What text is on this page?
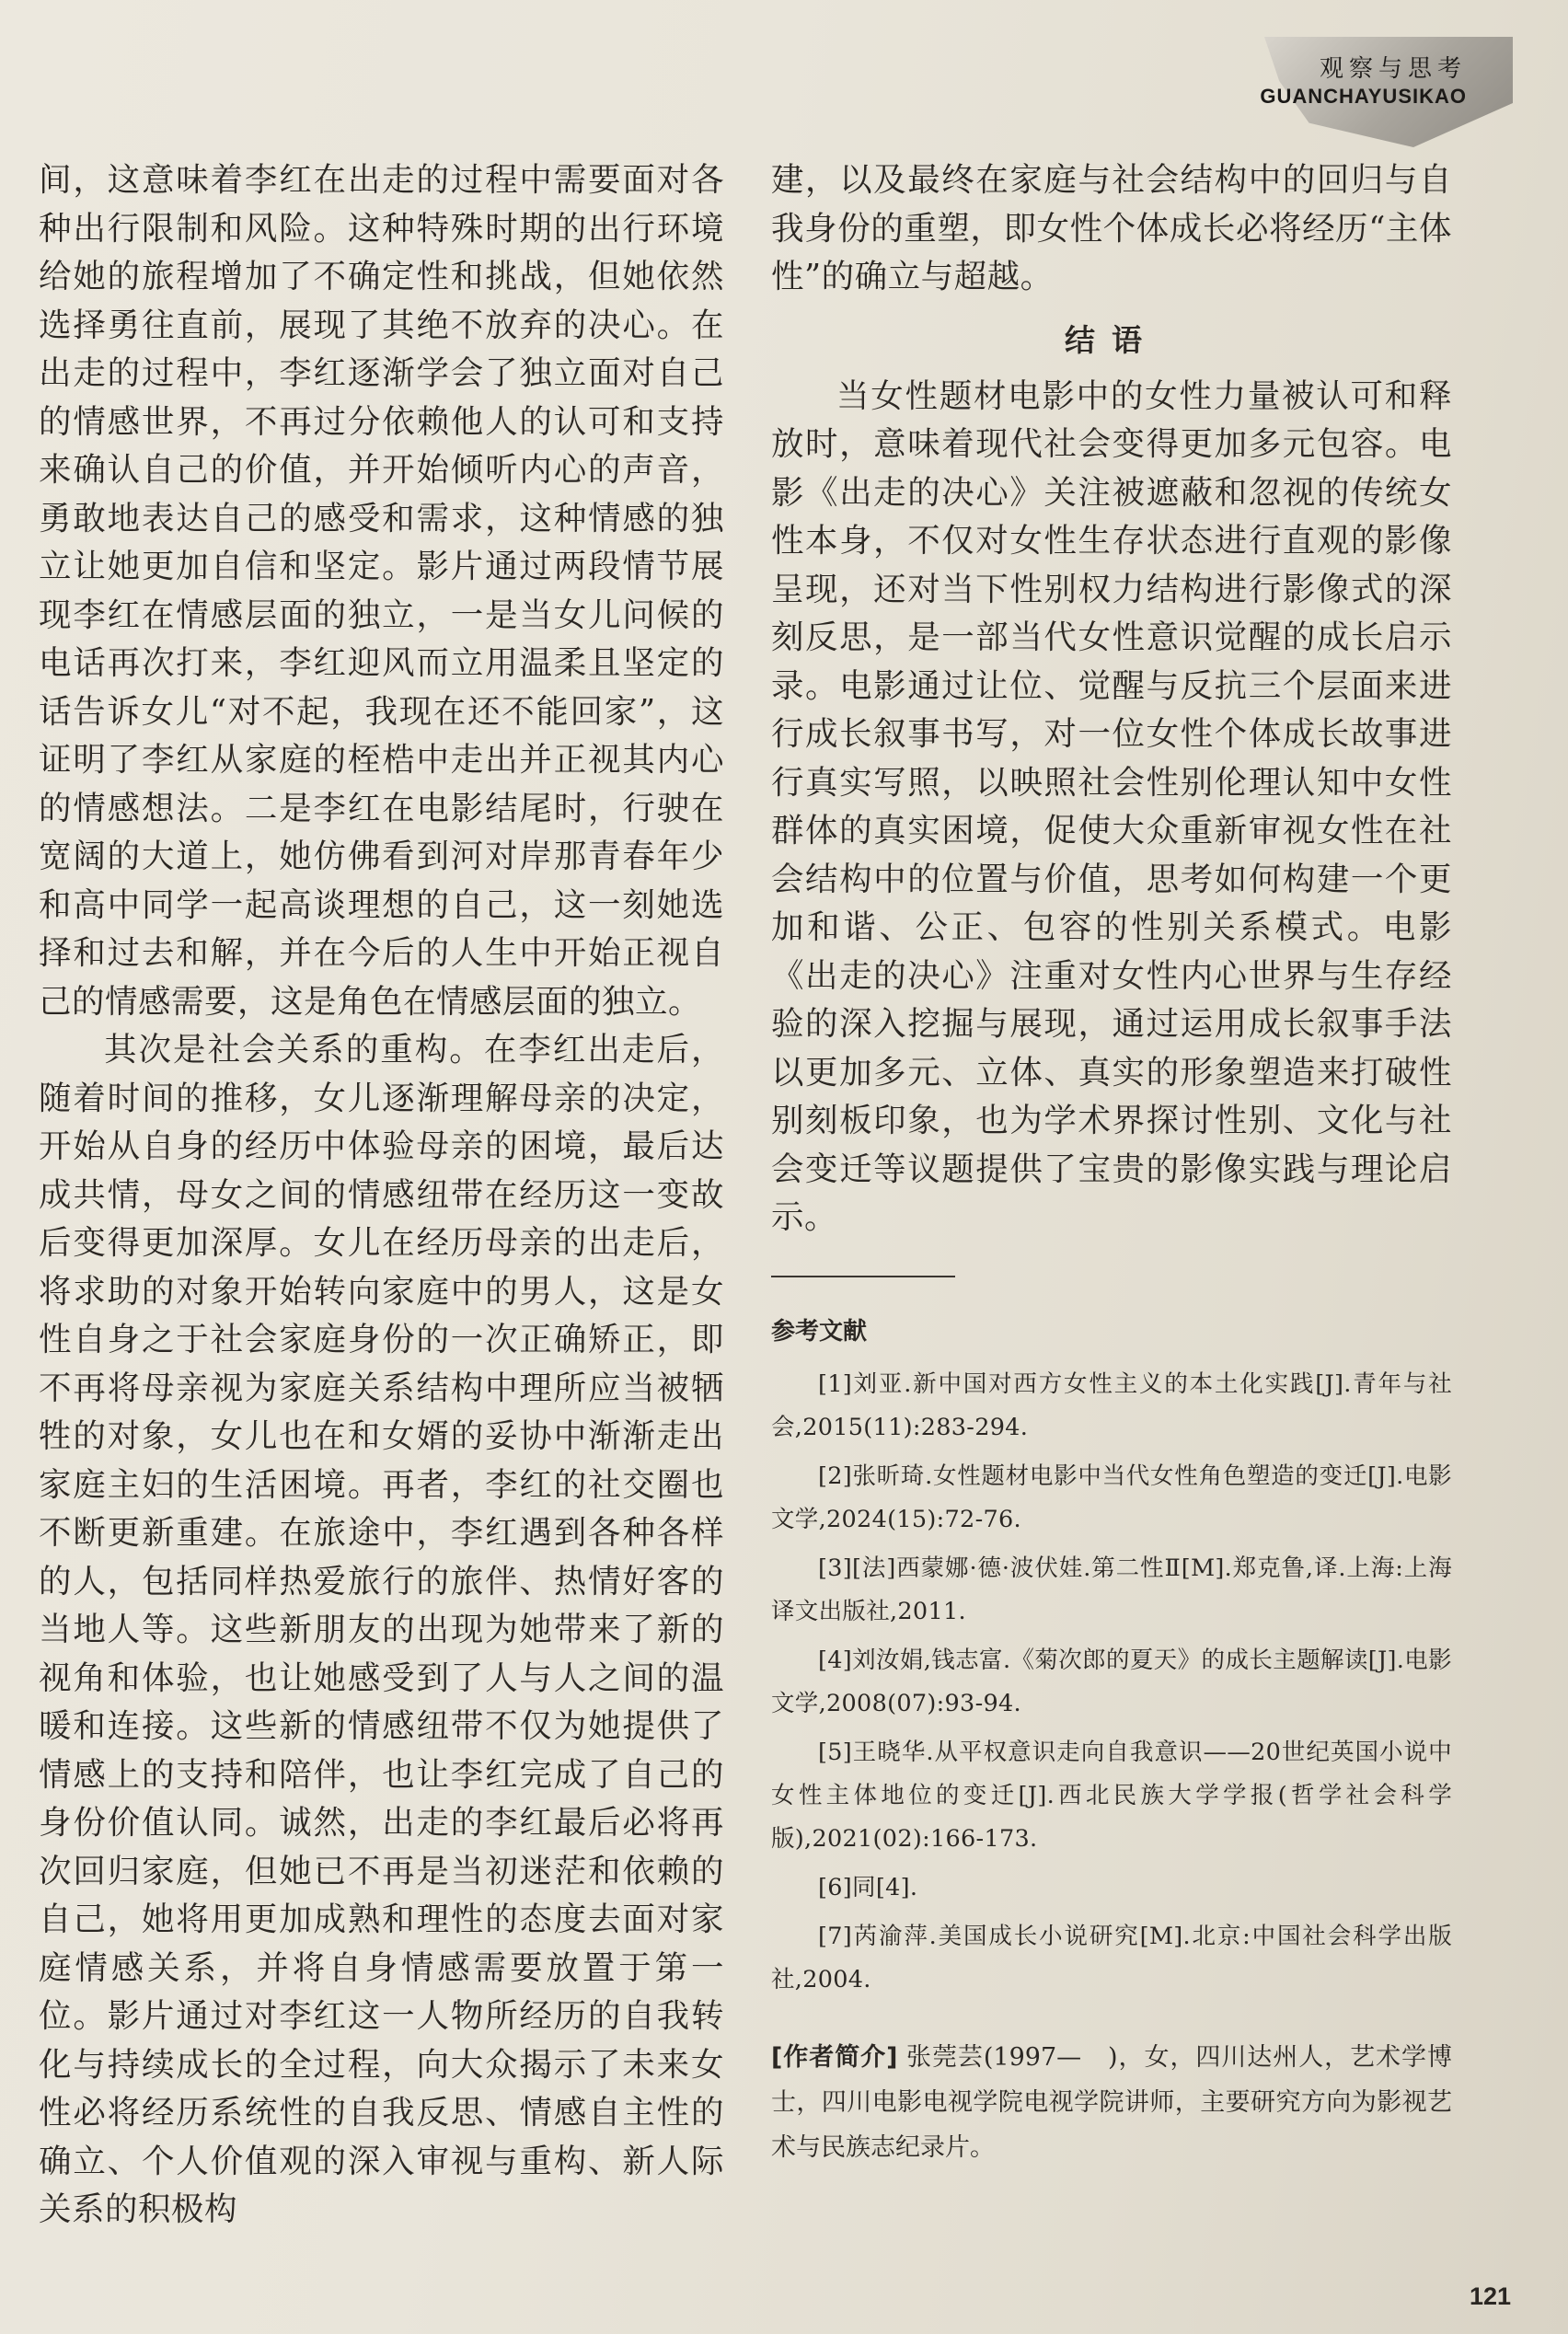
观察与思考
GUANCHAYUSIKAO

间，这意味着李红在出走的过程中需要面对各种出行限制和风险。这种特殊时期的出行环境给她的旅程增加了不确定性和挑战，但她依然选择勇往直前，展现了其绝不放弃的决心。在出走的过程中，李红逐渐学会了独立面对自己的情感世界，不再过分依赖他人的认可和支持来确认自己的价值，并开始倾听内心的声音，勇敢地表达自己的感受和需求，这种情感的独立让她更加自信和坚定。影片通过两段情节展现李红在情感层面的独立，一是当女儿问候的电话再次打来，李红迎风而立用温柔且坚定的话告诉女儿“对不起，我现在还不能回家”，这证明了李红从家庭的桎梏中走出并正视其内心的情感想法。二是李红在电影结尾时，行驶在宽阔的大道上，她仿佛看到河对岸那青春年少和高中同学一起高谈理想的自己，这一刻她选择和过去和解，并在今后的人生中开始正视自己的情感需要，这是角色在情感层面的独立。

其次是社会关系的重构。在李红出走后，随着时间的推移，女儿逐渐理解母亲的决定，开始从自身的经历中体验母亲的困境，最后达成共情，母女之间的情感纽带在经历这一变故后变得更加深厚。女儿在经历母亲的出走后，将求助的对象开始转向家庭中的男人，这是女性自身之于社会家庭身份的一次正确矫正，即不再将母亲视为家庭关系结构中理所应当被牺牲的对象，女儿也在和女婿的妥协中渐渐走出家庭主妇的生活困境。再者，李红的社交圈也不断更新重建。在旅途中，李红遇到各种各样的人，包括同样热爱旅行的旅伴、热情好客的当地人等。这些新朋友的出现为她带来了新的视角和体验，也让她感受到了人与人之间的温暖和连接。这些新的情感纽带不仅为她提供了情感上的支持和陪伴，也让李红完成了自己的身份价值认同。诚然，出走的李红最后必将再次回归家庭，但她已不再是当初迷茫和依赖的自己，她将用更加成熟和理性的态度去面对家庭情感关系，并将自身情感需要放置于第一位。影片通过对李红这一人物所经历的自我转化与持续成长的全过程，向大众揭示了未来女性必将经历系统性的自我反思、情感自主性的确立、个人价值观的深入审视与重构、新人际关系的积极构

建，以及最终在家庭与社会结构中的回归与自我身份的重塑，即女性个体成长必将经历“主体性”的确立与超越。

结语

当女性题材电影中的女性力量被认可和释放时，意味着现代社会变得更加多元包容。电影《出走的决心》关注被遮蔽和忽视的传统女性本身，不仅对女性生存状态进行直观的影像呈现，还对当下性别权力结构进行影像式的深刻反思，是一部当代女性意识觉醒的成长启示录。电影通过让位、觉醒与反抗三个层面来进行成长叙事书写，对一位女性个体成长故事进行真实写照，以映照社会性别伦理认知中女性群体的真实困境，促使大众重新审视女性在社会结构中的位置与价值，思考如何构建一个更加和谐、公正、包容的性别关系模式。电影《出走的决心》注重对女性内心世界与生存经验的深入挖掘与展现，通过运用成长叙事手法以更加多元、立体、真实的形象塑造来打破性别刻板印象，也为学术界探讨性别、文化与社会变迁等议题提供了宝贵的影像实践与理论启示。

参考文献

[1]刘亚.新中国对西方女性主义的本土化实践[J].青年与社会,2015(11):283-294.

[2]张昕琦.女性题材电影中当代女性角色塑造的变迁[J].电影文学,2024(15):72-76.

[3][法]西蒙娜·德·波伏娃.第二性Ⅱ[M].郑克鲁,译.上海:上海译文出版社,2011.

[4]刘汝娟,钱志富.《菊次郎的夏天》的成长主题解读[J].电影文学,2008(07):93-94.

[5]王晓华.从平权意识走向自我意识——20世纪英国小说中女性主体地位的变迁[J].西北民族大学学报(哲学社会科学版),2021(02):166-173.

[6]同[4].

[7]芮渝萍.美国成长小说研究[M].北京:中国社会科学出版社,2004.

[作者简介] 张莞芸(1997—　)，女，四川达州人，艺术学博士，四川电影电视学院电视学院讲师，主要研究方向为影视艺术与民族志纪录片。
121
